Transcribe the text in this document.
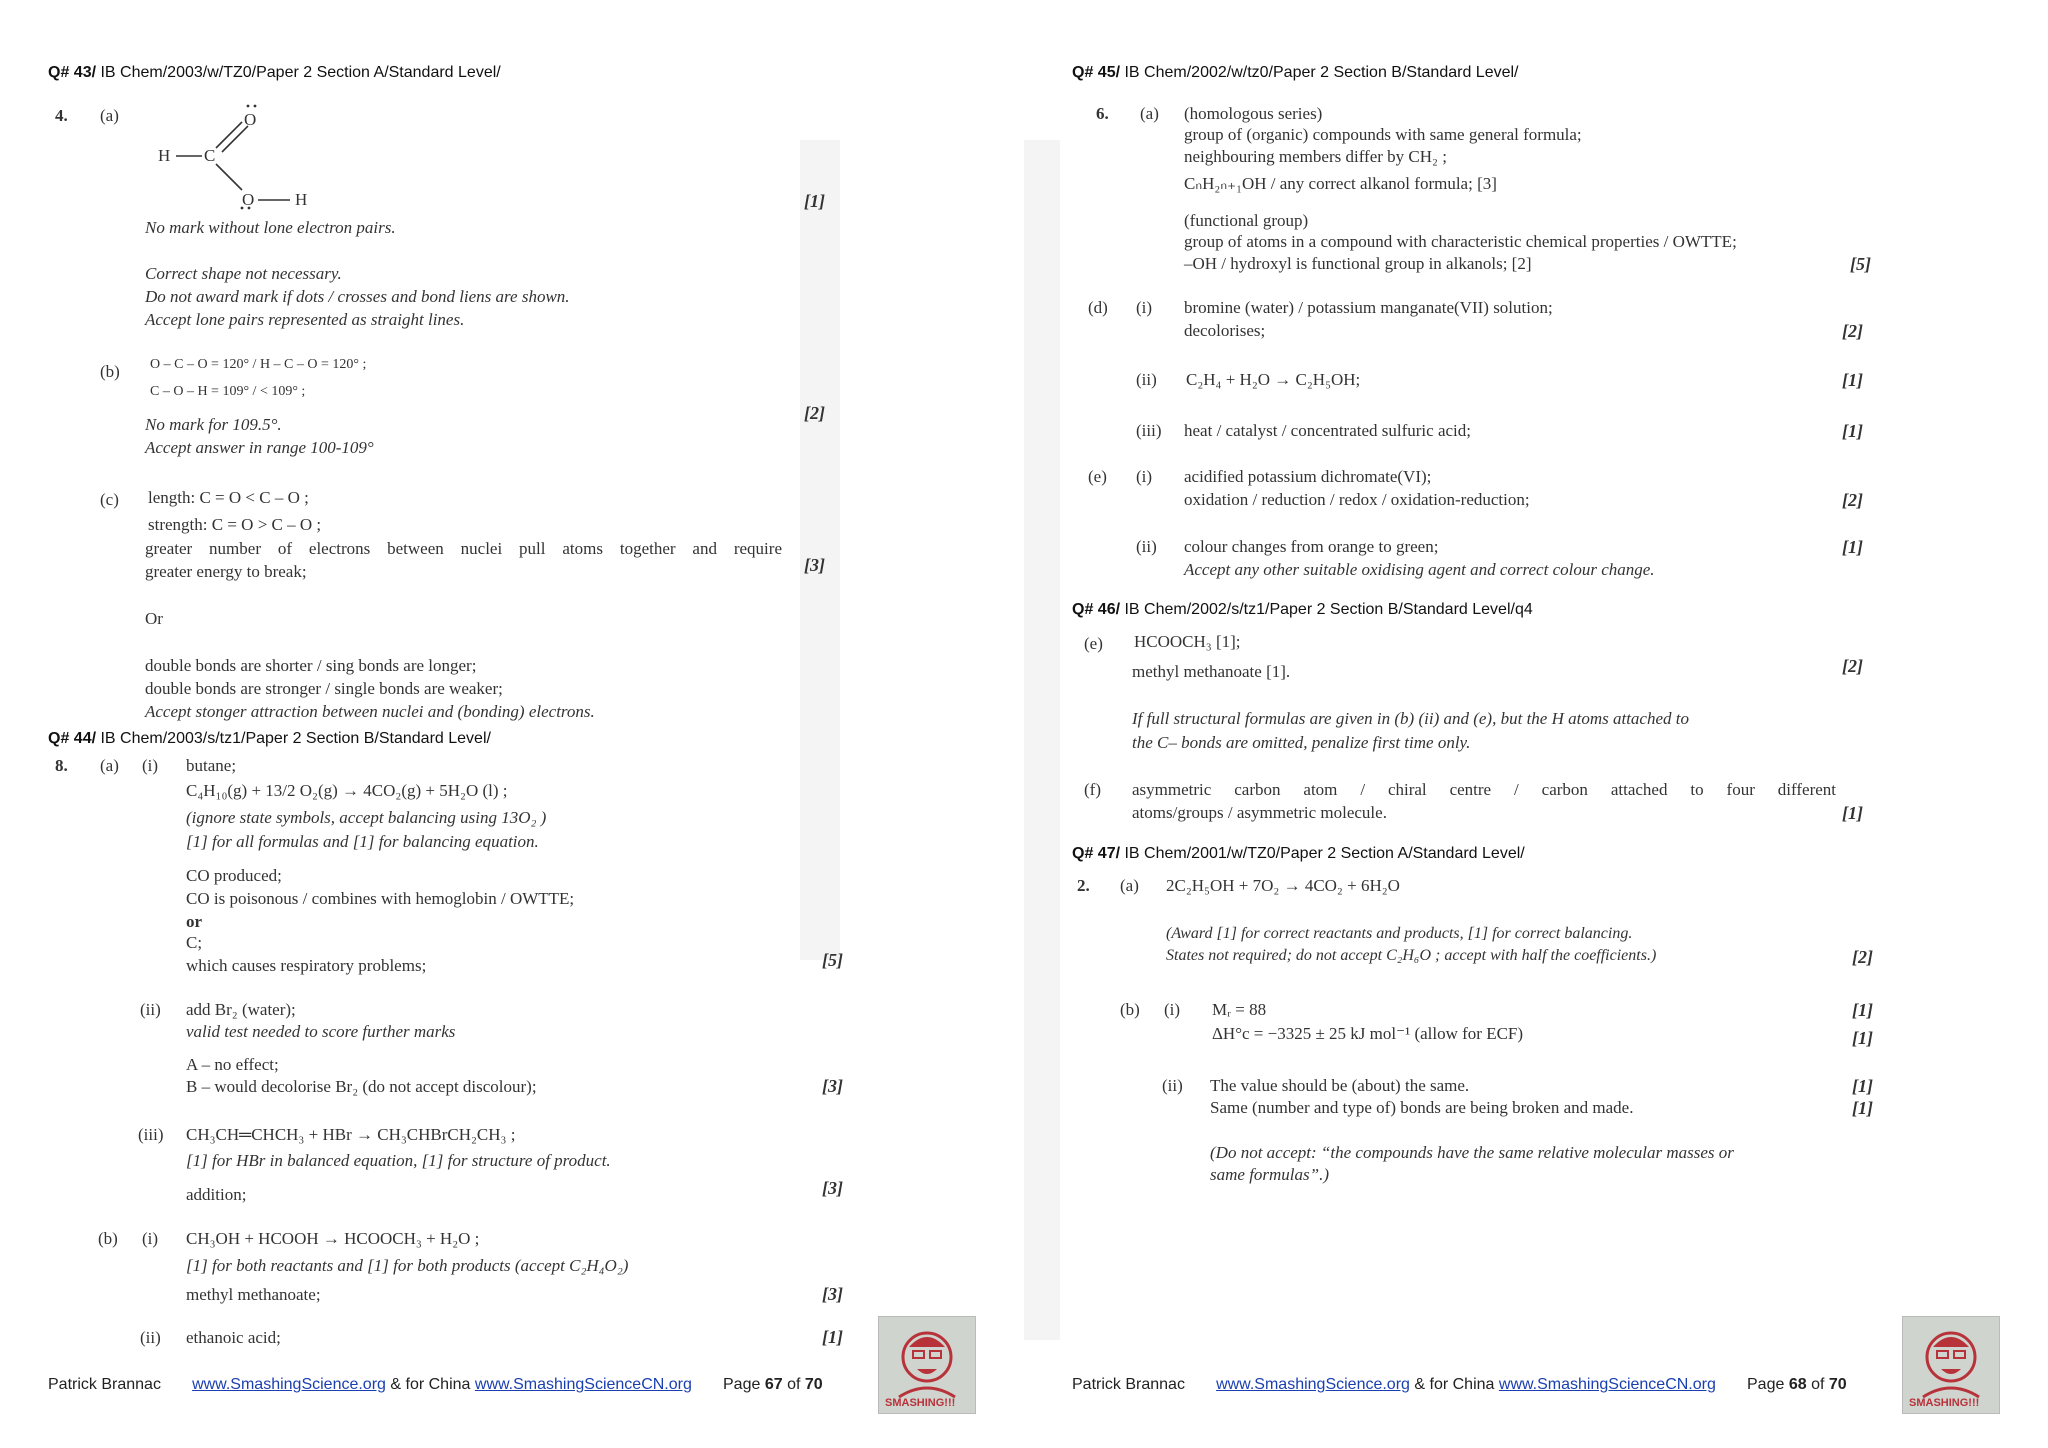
Q# 43/ IB Chem/2003/w/TZ0/Paper 2 Section A/Standard Level/
4. (a)
H C
O
O H	[1]
No mark without lone electron pairs.
Correct shape not necessary.
Do not award mark if dots / crosses and bond liens are shown.
Accept lone pairs represented as straight lines.
(b) O – C – O = 120° / H – C – O = 120° ;
C – O – H = 109° / < 109° ;
[2]
No mark for 109.5°.
Accept answer in range 100-109°
(c) length: C = O < C – O ;
strength: C = O > C – O ;
greater number of electrons between nuclei pull atoms together and require
greater energy to break;	[3]
Or
double bonds are shorter / sing bonds are longer;
double bonds are stronger / single bonds are weaker;
Accept stonger attraction between nuclei and (bonding) electrons.
Q# 44/ IB Chem/2003/s/tz1/Paper 2 Section B/Standard Level/
8. (a) (i) butane;
C₄H₁₀(g) + 13/2 O₂(g) → 4CO₂(g) + 5H₂O (l) ;
(ignore state symbols, accept balancing using 13O₂ )
[1] for all formulas and [1] for balancing equation.
CO produced;
CO is poisonous / combines with hemoglobin / OWTTE;
or
C;
which causes respiratory problems;	[5]
(ii) add Br₂ (water);
valid test needed to score further marks
A – no effect;
B – would decolorise Br₂ (do not accept discolour);	[3]
(iii) CH₃CH═CHCH₃ + HBr → CH₃CHBrCH₂CH₃ ;
[1] for HBr in balanced equation, [1] for structure of product.
addition;	[3]
(b) (i) CH₃OH + HCOOH → HCOOCH₃ + H₂O ;
[1] for both reactants and [1] for both products (accept C₂H₄O₂)
methyl methanoate;	[3]
(ii) ethanoic acid;	[1]
Patrick Brannac www.SmashingScience.org & for China www.SmashingScienceCN.org Page 67 of 70
SMASHING!!!
Q# 45/ IB Chem/2002/w/tz0/Paper 2 Section B/Standard Level/
6. (a) (homologous series)
group of (organic) compounds with same general formula;
neighbouring members differ by CH₂ ;
CₙH₂ₙ₊₁OH / any correct alkanol formula; [3]
(functional group)
group of atoms in a compound with characteristic chemical properties / OWTTE;
–OH / hydroxyl is functional group in alkanols; [2]	[5]
(d) (i) bromine (water) / potassium manganate(VII) solution;
decolorises;	[2]
(ii) C₂H₄ + H₂O → C₂H₅OH;	[1]
(iii) heat / catalyst / concentrated sulfuric acid;	[1]
(e) (i) acidified potassium dichromate(VI);
oxidation / reduction / redox / oxidation-reduction;	[2]
(ii) colour changes from orange to green;
Accept any other suitable oxidising agent and correct colour change.
[1]
Q# 46/ IB Chem/2002/s/tz1/Paper 2 Section B/Standard Level/q4
(e) HCOOCH₃ [1];
methyl methanoate [1].	[2]
If full structural formulas are given in (b) (ii) and (e), but the H atoms attached to
the C– bonds are omitted, penalize first time only.
(f) asymmetric carbon atom / chiral centre / carbon attached to four different
atoms/groups / asymmetric molecule.	[1]
Q# 47/ IB Chem/2001/w/TZ0/Paper 2 Section A/Standard Level/
2. (a) 2C₂H₅OH + 7O₂ → 4CO₂ + 6H₂O
(Award [1] for correct reactants and products, [1] for correct balancing.
States not required; do not accept C₂H₆O ; accept with half the coefficients.)	[2]
(b) (i) Mᵣ = 88	[1]
ΔH°c = −3325 ± 25 kJ mol⁻¹ (allow for ECF)	[1]
(ii) The value should be (about) the same.	[1]
Same (number and type of) bonds are being broken and made.	[1]
(Do not accept: “the compounds have the same relative molecular masses or
same formulas”.)
Patrick Brannac www.SmashingScience.org & for China www.SmashingScienceCN.org Page 68 of 70
SMASHING!!!
